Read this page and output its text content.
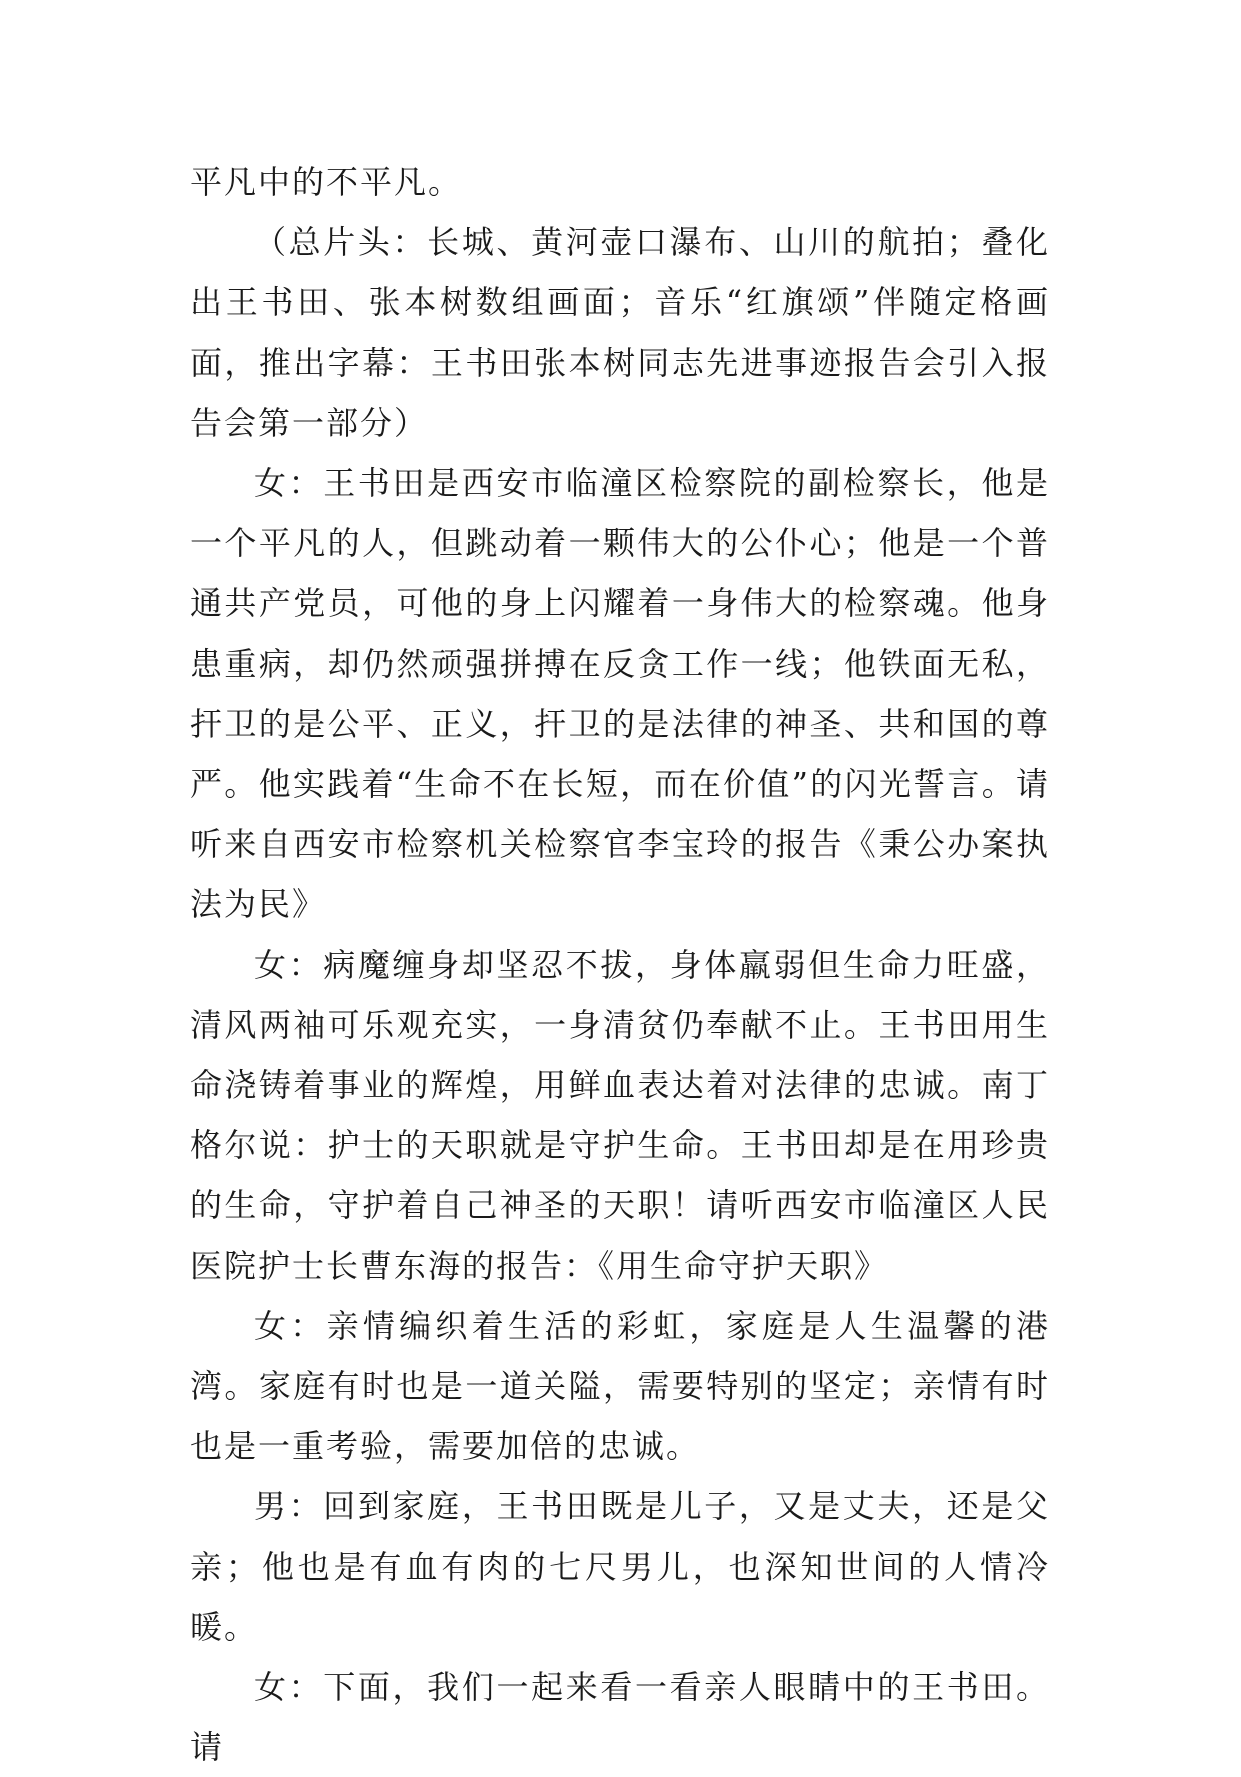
平凡中的不平凡。

（总片头：长城、黄河壶口瀑布、山川的航拍；叠化出王书田、张本树数组画面；音乐“红旗颂”伴随定格画面，推出字幕：王书田张本树同志先进事迹报告会引入报告会第一部分）

女：王书田是西安市临潼区检察院的副检察长，他是一个平凡的人，但跳动着一颗伟大的公仆心；他是一个普通共产党员，可他的身上闪耀着一身伟大的检察魂。他身患重病，却仍然顽强拼搏在反贪工作一线；他铁面无私，扞卫的是公平、正义，扞卫的是法律的神圣、共和国的尊严。他实践着“生命不在长短，而在价值”的闪光誓言。请听来自西安市检察机关检察官李宝玲的报告《秉公办案执法为民》

女：病魔缠身却坚忍不拔，身体羸弱但生命力旺盛，清风两袖可乐观充实，一身清贫仍奉献不止。王书田用生命浇铸着事业的辉煌，用鲜血表达着对法律的忠诚。南丁格尔说：护士的天职就是守护生命。王书田却是在用珍贵的生命，守护着自己神圣的天职！请听西安市临潼区人民医院护士长曹东海的报告：《用生命守护天职》

女：亲情编织着生活的彩虹，家庭是人生温馨的港湾。家庭有时也是一道关隘，需要特别的坚定；亲情有时也是一重考验，需要加倍的忠诚。

男：回到家庭，王书田既是儿子，又是丈夫，还是父亲；他也是有血有肉的七尺男儿，也深知世间的人情冷暖。

女：下面，我们一起来看一看亲人眼睛中的王书田。请
